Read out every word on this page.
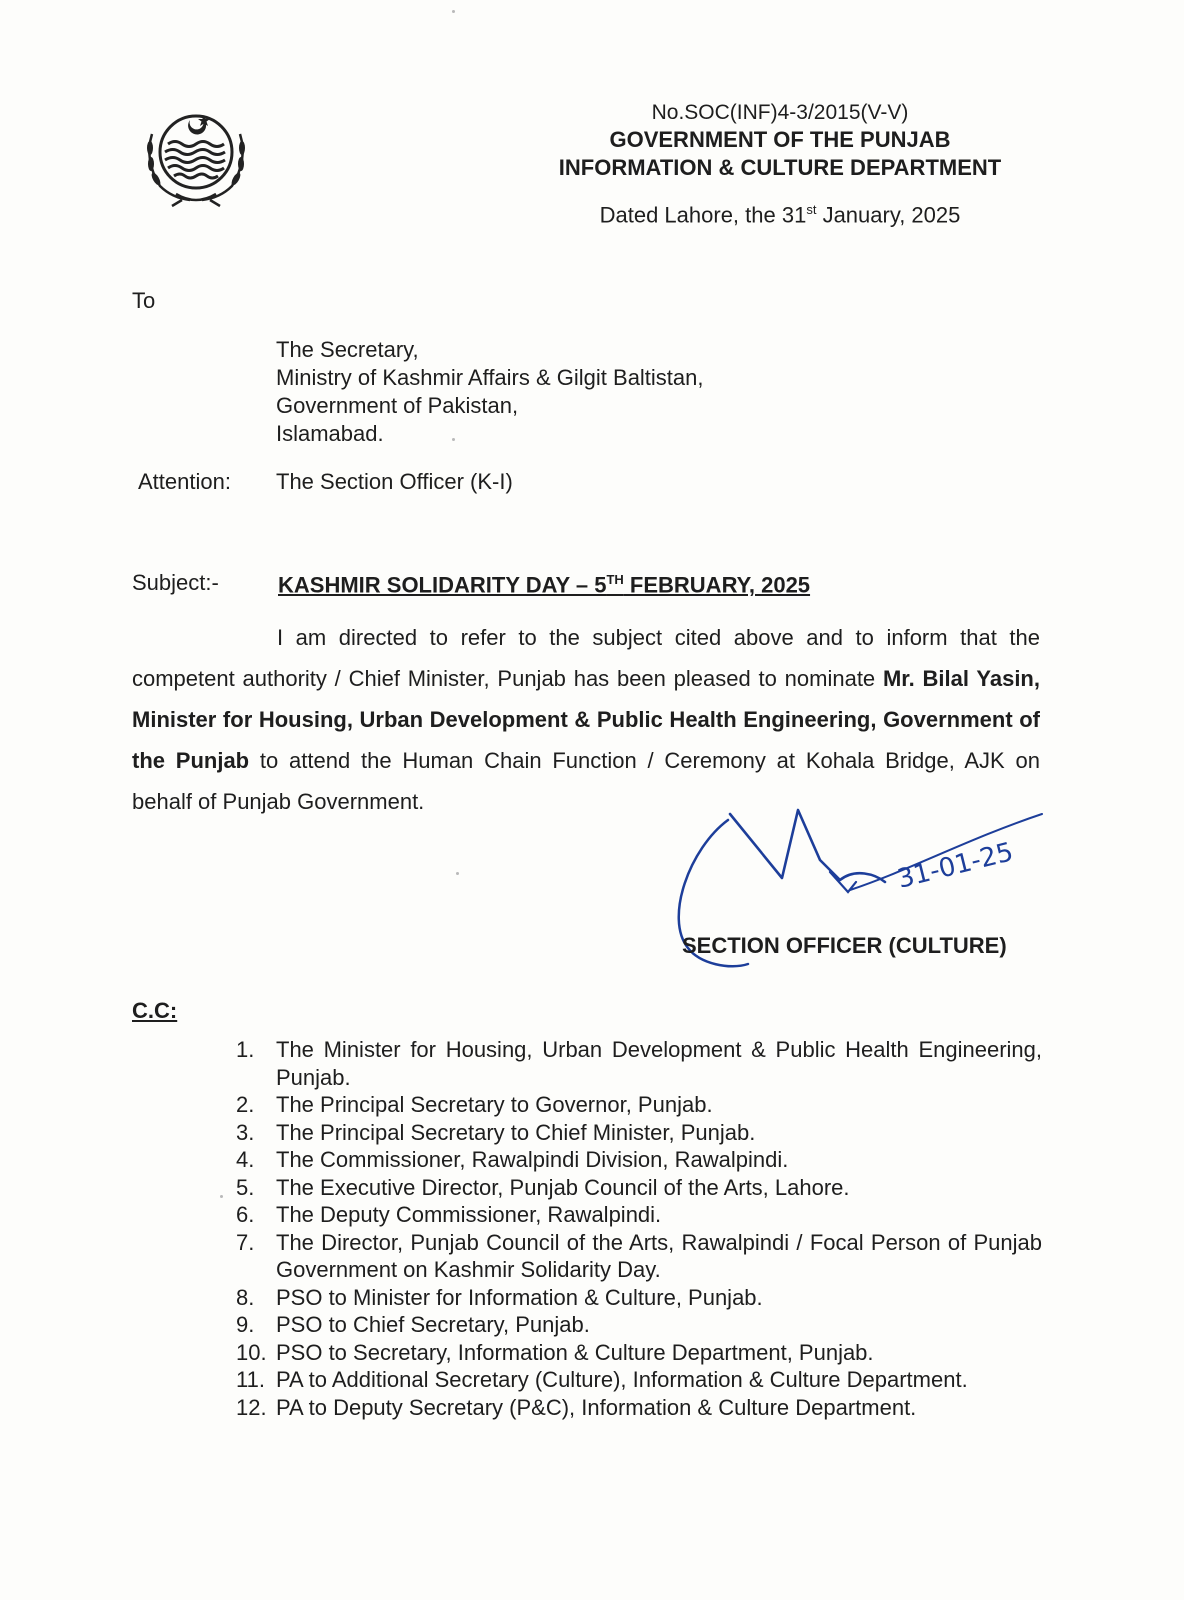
No.SOC(INF)4-3/2015(V-V)
GOVERNMENT OF THE PUNJAB
INFORMATION & CULTURE DEPARTMENT
Dated Lahore, the 31st January, 2025
To
The Secretary,
Ministry of Kashmir Affairs & Gilgit Baltistan,
Government of Pakistan,
Islamabad.
Attention: The Section Officer (K-I)
Subject:-	KASHMIR SOLIDARITY DAY – 5TH FEBRUARY, 2025
I am directed to refer to the subject cited above and to inform that the competent authority / Chief Minister, Punjab has been pleased to nominate Mr. Bilal Yasin, Minister for Housing, Urban Development & Public Health Engineering, Government of the Punjab to attend the Human Chain Function / Ceremony at Kohala Bridge, AJK on behalf of Punjab Government.
31-01-25
SECTION OFFICER (CULTURE)
C.C:
1. The Minister for Housing, Urban Development & Public Health Engineering, Punjab.
2. The Principal Secretary to Governor, Punjab.
3. The Principal Secretary to Chief Minister, Punjab.
4. The Commissioner, Rawalpindi Division, Rawalpindi.
5. The Executive Director, Punjab Council of the Arts, Lahore.
6. The Deputy Commissioner, Rawalpindi.
7. The Director, Punjab Council of the Arts, Rawalpindi / Focal Person of Punjab Government on Kashmir Solidarity Day.
8. PSO to Minister for Information & Culture, Punjab.
9. PSO to Chief Secretary, Punjab.
10. PSO to Secretary, Information & Culture Department, Punjab.
11. PA to Additional Secretary (Culture), Information & Culture Department.
12. PA to Deputy Secretary (P&C), Information & Culture Department.
